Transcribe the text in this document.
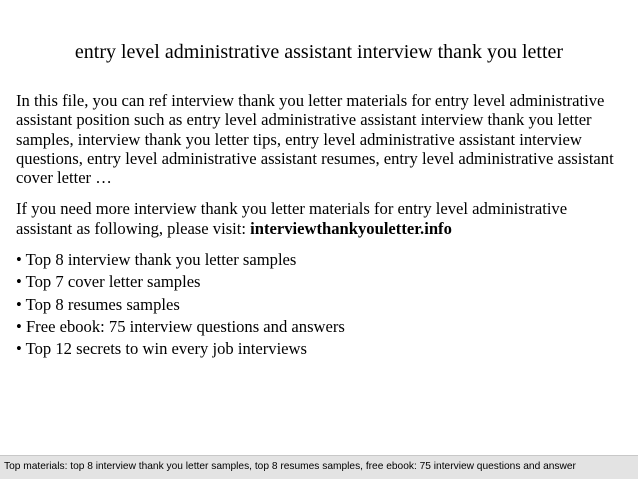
entry level administrative assistant interview thank you letter

In this file, you can ref interview thank you letter materials for entry level administrative assistant position such as entry level administrative assistant interview thank you letter samples, interview thank you letter tips, entry level administrative assistant interview questions, entry level administrative assistant resumes, entry level administrative assistant cover letter …

If you need more interview thank you letter materials for entry level administrative assistant as following, please visit: interviewthankyouletter.info

• Top 8 interview thank you letter samples
• Top 7 cover letter samples
• Top 8 resumes samples
• Free ebook: 75 interview questions and answers
• Top 12 secrets to win every job interviews
Top materials: top 8 interview thank you letter samples, top 8 resumes samples, free ebook: 75 interview questions and answer
